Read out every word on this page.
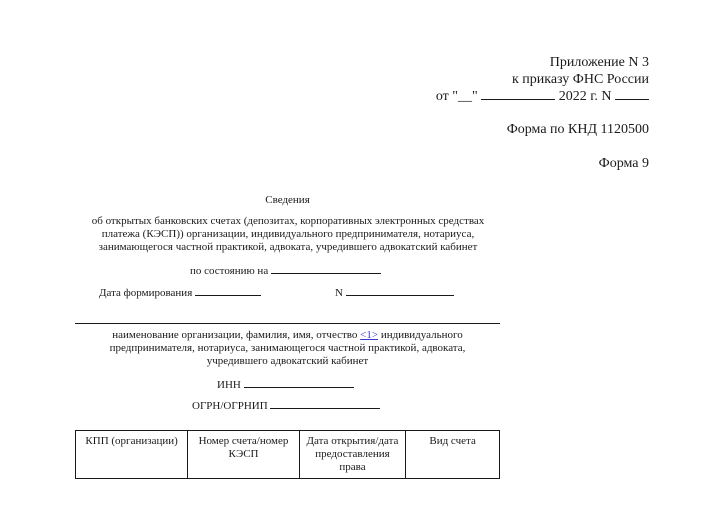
Приложение N 3
к приказу ФНС России
от "__"	2022 г. N
Форма по КНД 1120500
Форма 9
Сведения
об открытых банковских счетах (депозитах, корпоративных электронных средствах платежа (КЭСП)) организации, индивидуального предпринимателя, нотариуса, занимающегося частной практикой, адвоката, учредившего адвокатский кабинет
по состоянию на
Дата формирования	N
наименование организации, фамилия, имя, отчество <1> индивидуального предпринимателя, нотариуса, занимающегося частной практикой, адвоката, учредившего адвокатский кабинет
ИНН
ОГРН/ОГРНИП
КПП (организации)	Номер счета/номер КЭСП	Дата открытия/дата предоставления права	Вид счета
